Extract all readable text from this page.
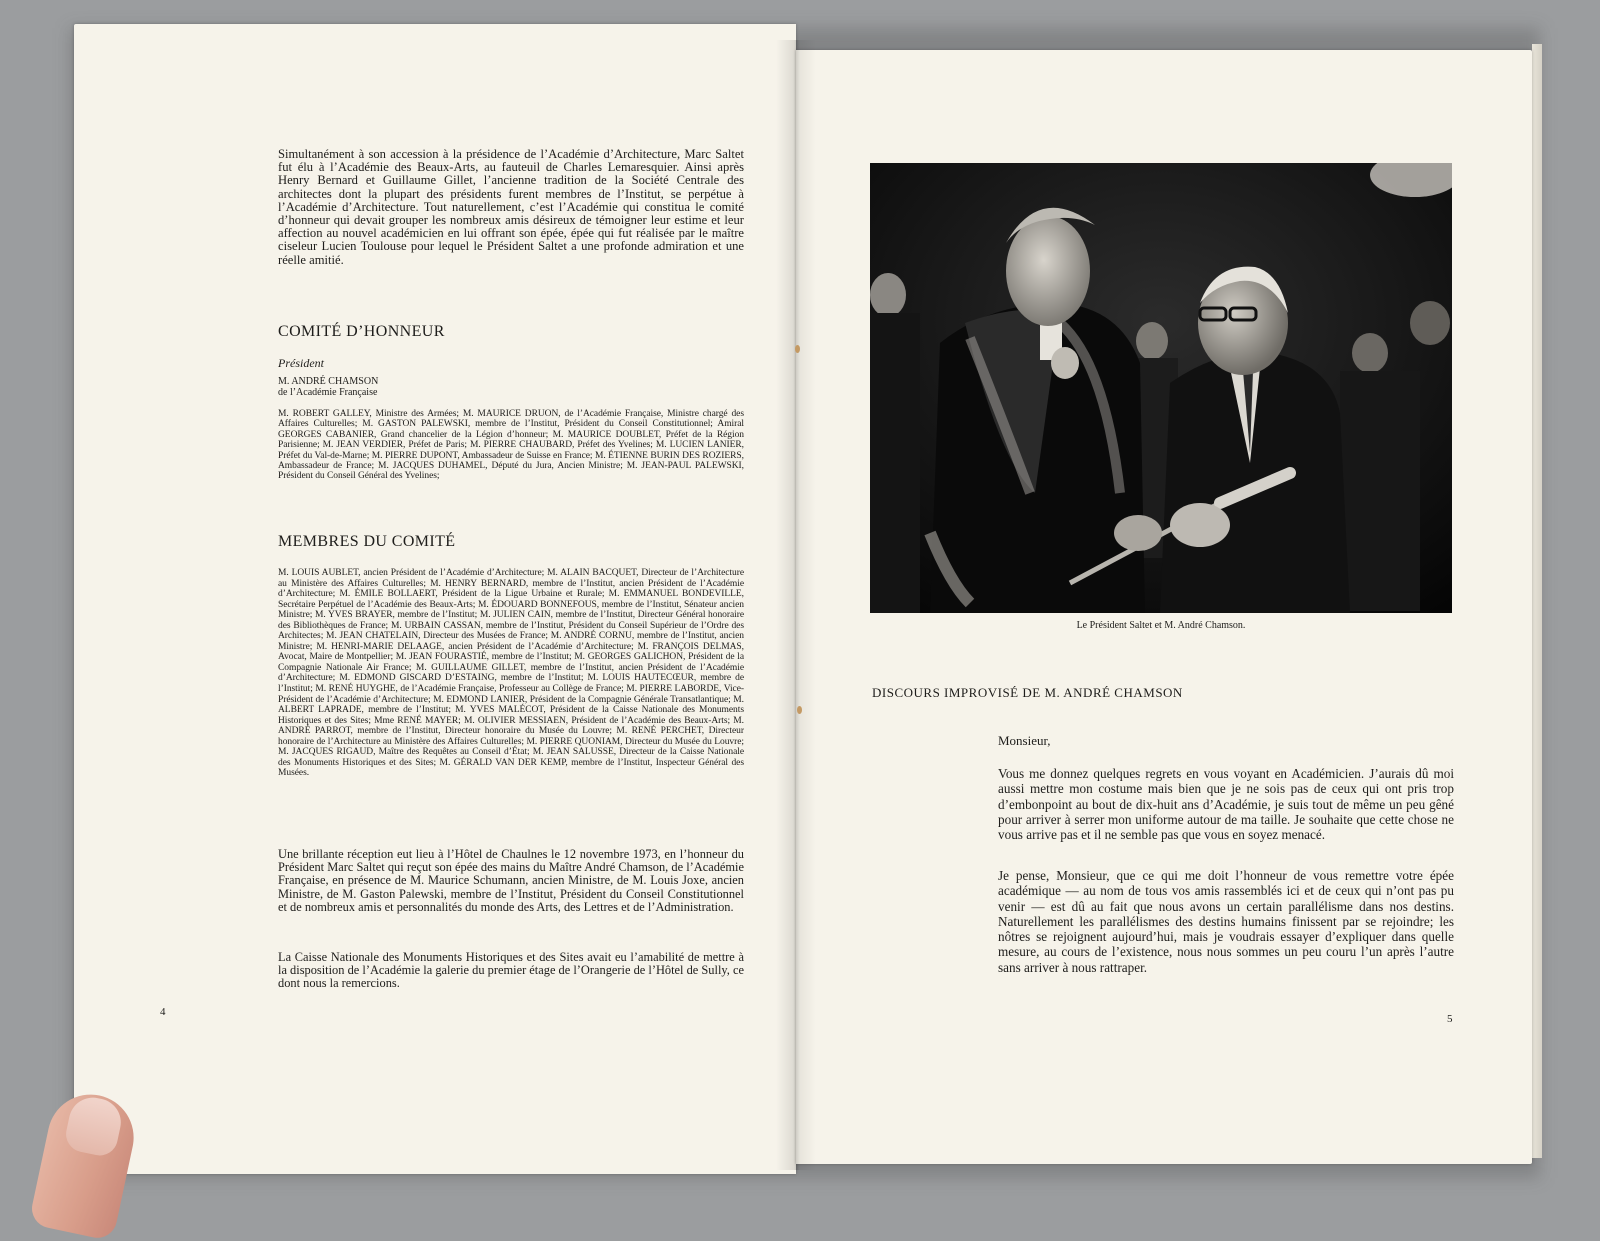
Simultanément à son accession à la présidence de l’Académie d’Architecture, Marc Saltet fut élu à l’Académie des Beaux-Arts, au fauteuil de Charles Lemaresquier. Ainsi après Henry Bernard et Guillaume Gillet, l’ancienne tradition de la Société Centrale des architectes dont la plupart des présidents furent membres de l’Institut, se perpétue à l’Académie d’Architecture. Tout naturellement, c’est l’Académie qui constitua le comité d’honneur qui devait grouper les nombreux amis désireux de témoigner leur estime et leur affection au nouvel académicien en lui offrant son épée, épée qui fut réalisée par le maître ciseleur Lucien Toulouse pour lequel le Président Saltet a une profonde admiration et une réelle amitié.
COMITÉ D’HONNEUR
Président
M. ANDRÉ CHAMSON
de l’Académie Française
M. ROBERT GALLEY, Ministre des Armées; M. MAURICE DRUON, de l’Académie Française, Ministre chargé des Affaires Culturelles; M. GASTON PALEWSKI, membre de l’Institut, Président du Conseil Constitutionnel; Amiral GEORGES CABANIER, Grand chancelier de la Légion d’honneur; M. MAURICE DOUBLET, Préfet de la Région Parisienne; M. JEAN VERDIER, Préfet de Paris; M. PIERRE CHAUBARD, Préfet des Yvelines; M. LUCIEN LANIER, Préfet du Val-de-Marne; M. PIERRE DUPONT, Ambassadeur de Suisse en France; M. ÉTIENNE BURIN DES ROZIERS, Ambassadeur de France; M. JACQUES DUHAMEL, Député du Jura, Ancien Ministre; M. JEAN-PAUL PALEWSKI, Président du Conseil Général des Yvelines;
MEMBRES DU COMITÉ
M. LOUIS AUBLET, ancien Président de l’Académie d’Architecture; M. ALAIN BACQUET, Directeur de l’Architecture au Ministère des Affaires Culturelles; M. HENRY BERNARD, membre de l’Institut, ancien Président de l’Académie d’Architecture; M. ÉMILE BOLLAERT, Président de la Ligue Urbaine et Rurale; M. EMMANUEL BONDEVILLE, Secrétaire Perpétuel de l’Académie des Beaux-Arts; M. ÉDOUARD BONNEFOUS, membre de l’Institut, Sénateur ancien Ministre; M. YVES BRAYER, membre de l’Institut; M. JULIEN CAIN, membre de l’Institut, Directeur Général honoraire des Bibliothèques de France; M. URBAIN CASSAN, membre de l’Institut, Président du Conseil Supérieur de l’Ordre des Architectes; M. JEAN CHATELAIN, Directeur des Musées de France; M. ANDRÉ CORNU, membre de l’Institut, ancien Ministre; M. HENRI-MARIE DELAAGE, ancien Président de l’Académie d’Architecture; M. FRANÇOIS DELMAS, Avocat, Maire de Montpellier; M. JEAN FOURASTIÉ, membre de l’Institut; M. GEORGES GALICHON, Président de la Compagnie Nationale Air France; M. GUILLAUME GILLET, membre de l’Institut, ancien Président de l’Académie d’Architecture; M. EDMOND GISCARD D’ESTAING, membre de l’Institut; M. LOUIS HAUTECŒUR, membre de l’Institut; M. RENÉ HUYGHE, de l’Académie Française, Professeur au Collège de France; M. PIERRE LABORDE, Vice-Président de l’Académie d’Architecture; M. EDMOND LANIER, Président de la Compagnie Générale Transatlantique; M. ALBERT LAPRADE, membre de l’Institut; M. YVES MALÉCOT, Président de la Caisse Nationale des Monuments Historiques et des Sites; Mme RENÉ MAYER; M. OLIVIER MESSIAEN, Président de l’Académie des Beaux-Arts; M. ANDRÉ PARROT, membre de l’Institut, Directeur honoraire du Musée du Louvre; M. RENÉ PERCHET, Directeur honoraire de l’Architecture au Ministère des Affaires Culturelles; M. PIERRE QUONIAM, Directeur du Musée du Louvre; M. JACQUES RIGAUD, Maître des Requêtes au Conseil d’État; M. JEAN SALUSSE, Directeur de la Caisse Nationale des Monuments Historiques et des Sites; M. GÉRALD VAN DER KEMP, membre de l’Institut, Inspecteur Général des Musées.
Une brillante réception eut lieu à l’Hôtel de Chaulnes le 12 novembre 1973, en l’honneur du Président Marc Saltet qui reçut son épée des mains du Maître André Chamson, de l’Académie Française, en présence de M. Maurice Schumann, ancien Ministre, de M. Louis Joxe, ancien Ministre, de M. Gaston Palewski, membre de l’Institut, Président du Conseil Constitutionnel et de nombreux amis et personnalités du monde des Arts, des Lettres et de l’Administration.
La Caisse Nationale des Monuments Historiques et des Sites avait eu l’amabilité de mettre à la disposition de l’Académie la galerie du premier étage de l’Orangerie de l’Hôtel de Sully, ce dont nous la remercions.
4
Le Président Saltet et M. André Chamson.
DISCOURS IMPROVISÉ DE M. ANDRÉ CHAMSON
Monsieur,
Vous me donnez quelques regrets en vous voyant en Académicien. J’aurais dû moi aussi mettre mon costume mais bien que je ne sois pas de ceux qui ont pris trop d’embonpoint au bout de dix-huit ans d’Académie, je suis tout de même un peu gêné pour arriver à serrer mon uniforme autour de ma taille. Je souhaite que cette chose ne vous arrive pas et il ne semble pas que vous en soyez menacé.
Je pense, Monsieur, que ce qui me doit l’honneur de vous remettre votre épée académique — au nom de tous vos amis rassemblés ici et de ceux qui n’ont pas pu venir — est dû au fait que nous avons un certain parallélisme dans nos destins. Naturellement les parallélismes des destins humains finissent par se rejoindre; les nôtres se rejoignent aujourd’hui, mais je voudrais essayer d’expliquer dans quelle mesure, au cours de l’existence, nous nous sommes un peu couru l’un après l’autre sans arriver à nous rattraper.
5
